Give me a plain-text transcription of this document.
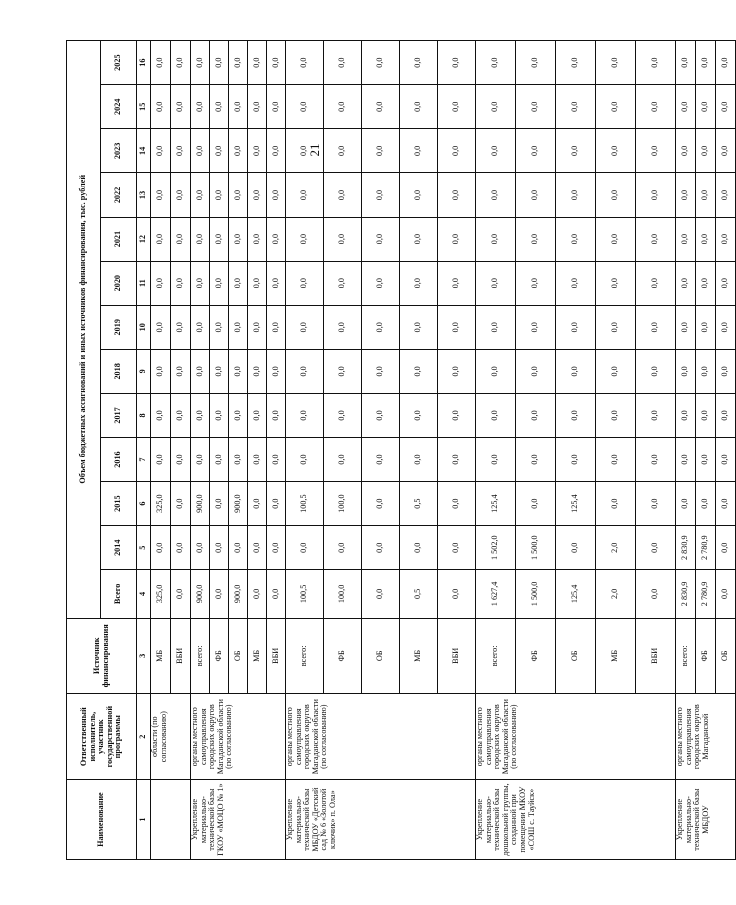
21
Наименование	Ответственный исполнитель, участник государственной программы	Источник финансирования	Объем бюджетных ассигнований и иных источников финансирования, тыс. рублей												
			Всего	2014	2015	2016	2017	2018	2019	2020	2021	2022	2023	2024	2025
1	2	3	4	5	6	7	8	9	10	11	12	13	14	15	16
	области (по согласованию)	МБ	325,0	0,0	325,0	0,0	0,0	0,0	0,0	0,0	0,0	0,0	0,0	0,0	0,0
		ВБИ	0,0	0,0	0,0	0,0	0,0	0,0	0,0	0,0	0,0	0,0	0,0	0,0	0,0
Укрепление материально-технической базы ГКОУ «МОЦО № 1»	органы местного самоуправления городских округов Магаданской области (по согласованию)	всего:	900,0	0,0	900,0	0,0	0,0	0,0	0,0	0,0	0,0	0,0	0,0	0,0	0,0
		ФБ	0,0	0,0	0,0	0,0	0,0	0,0	0,0	0,0	0,0	0,0	0,0	0,0	0,0
		ОБ	900,0	0,0	900,0	0,0	0,0	0,0	0,0	0,0	0,0	0,0	0,0	0,0	0,0
		МБ	0,0	0,0	0,0	0,0	0,0	0,0	0,0	0,0	0,0	0,0	0,0	0,0	0,0
		ВБИ	0,0	0,0	0,0	0,0	0,0	0,0	0,0	0,0	0,0	0,0	0,0	0,0	0,0
Укрепление материально-технической базы МБДОУ «Детский сад № 6 «Золотой ключик» п. Ола»	органы местного самоуправления городских округов Магаданской области (по согласованию)	всего:	100,5	0,0	100,5	0,0	0,0	0,0	0,0	0,0	0,0	0,0	0,0	0,0	0,0
		ФБ	100,0	0,0	100,0	0,0	0,0	0,0	0,0	0,0	0,0	0,0	0,0	0,0	0,0
		ОБ	0,0	0,0	0,0	0,0	0,0	0,0	0,0	0,0	0,0	0,0	0,0	0,0	0,0
		МБ	0,5	0,0	0,5	0,0	0,0	0,0	0,0	0,0	0,0	0,0	0,0	0,0	0,0
		ВБИ	0,0	0,0	0,0	0,0	0,0	0,0	0,0	0,0	0,0	0,0	0,0	0,0	0,0
Укрепление материально-технической базы дошкольной группы, созданной при помещении МКОУ «СОШ с. Тауйск»	органы местного самоуправления городских округов Магаданской области (по согласованию)	всего:	1 627,4	1 502,0	125,4	0,0	0,0	0,0	0,0	0,0	0,0	0,0	0,0	0,0	0,0
		ФБ	1 500,0	1 500,0	0,0	0,0	0,0	0,0	0,0	0,0	0,0	0,0	0,0	0,0	0,0
		ОБ	125,4	0,0	125,4	0,0	0,0	0,0	0,0	0,0	0,0	0,0	0,0	0,0	0,0
		МБ	2,0	2,0	0,0	0,0	0,0	0,0	0,0	0,0	0,0	0,0	0,0	0,0	0,0
		ВБИ	0,0	0,0	0,0	0,0	0,0	0,0	0,0	0,0	0,0	0,0	0,0	0,0	0,0
Укрепление материально-технической базы МБДОУ	органы местного самоуправления городских округов Магаданской	всего:	2 830,9	2 830,9	0,0	0,0	0,0	0,0	0,0	0,0	0,0	0,0	0,0	0,0	0,0
		ФБ	2 780,9	2 780,9	0,0	0,0	0,0	0,0	0,0	0,0	0,0	0,0	0,0	0,0	0,0
		ОБ	0,0	0,0	0,0	0,0	0,0	0,0	0,0	0,0	0,0	0,0	0,0	0,0	0,0
